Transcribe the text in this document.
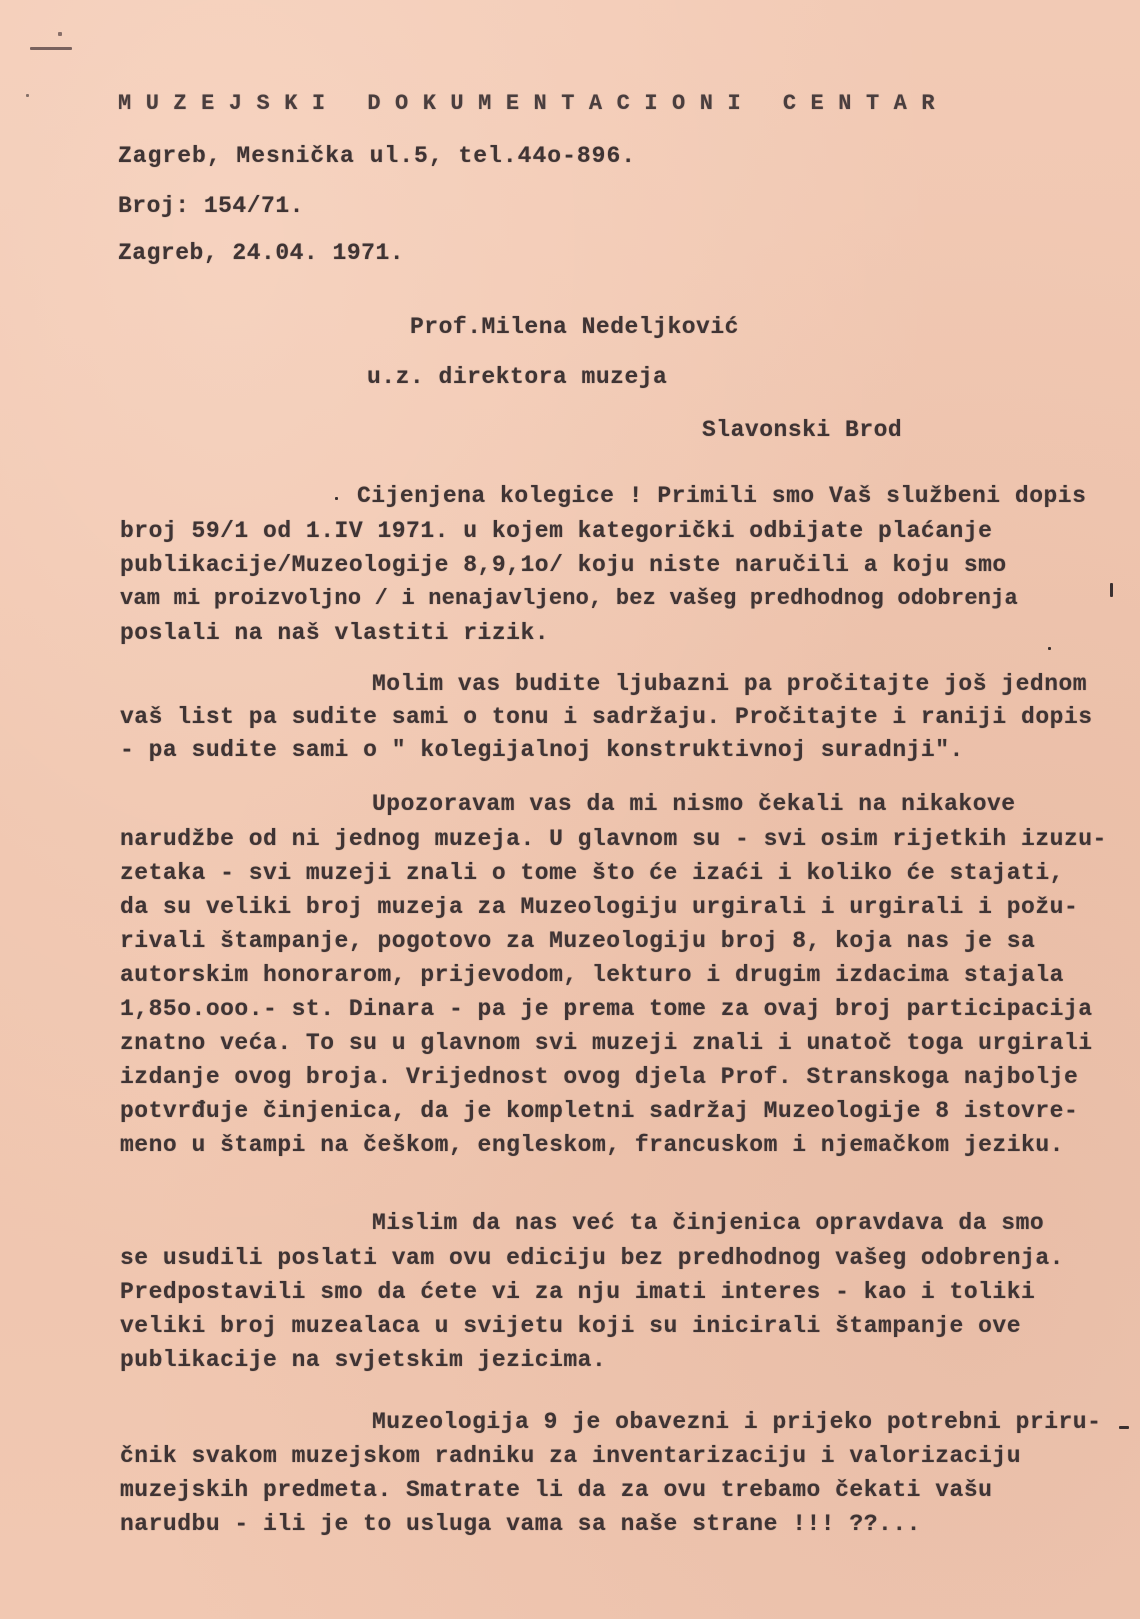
MUZEJSKI DOKUMENTACIONI CENTAR
Zagreb, Mesnička ul.5, tel.44o-896.
Broj: 154/71.
Zagreb, 24.04. 1971.
Prof.Milena Nedeljković
u.z. direktora muzeja
Slavonski Brod
Cijenjena kolegice ! Primili smo Vaš službeni dopis
broj 59/1 od 1.IV 1971. u kojem kategorički odbijate plaćanje
publikacije/Muzeologije 8,9,1o/ koju niste naručili a koju smo
vam mi proizvoljno / i nenajavljeno, bez vašeg predhodnog odobrenja
poslali na naš vlastiti rizik.
Molim vas budite ljubazni pa pročitajte još jednom
vaš list pa sudite sami o tonu i sadržaju. Pročitajte i raniji dopis
- pa sudite sami o " kolegijalnoj konstruktivnoj suradnji".
Upozoravam vas da mi nismo čekali na nikakove
narudžbe od ni jednog muzeja. U glavnom su - svi osim rijetkih izuzu-
zetaka - svi muzeji znali o tome što će izaći i koliko će stajati,
da su veliki broj muzeja za Muzeologiju urgirali i urgirali i požu-
rivali štampanje, pogotovo za Muzeologiju broj 8, koja nas je sa
autorskim honorarom, prijevodom, lekturo i drugim izdacima stajala
1,85o.ooo.- st. Dinara - pa je prema tome za ovaj broj participacija
znatno veća. To su u glavnom svi muzeji znali i unatoč toga urgirali
izdanje ovog broja. Vrijednost ovog djela Prof. Stranskoga najbolje
potvrđuje činjenica, da je kompletni sadržaj Muzeologije 8 istovre-
meno u štampi na češkom, engleskom, francuskom i njemačkom jeziku.
Mislim da nas već ta činjenica opravdava da smo
se usudili poslati vam ovu ediciju bez predhodnog vašeg odobrenja.
Predpostavili smo da ćete vi za nju imati interes - kao i toliki
veliki broj muzealaca u svijetu koji su inicirali štampanje ove
publikacije na svjetskim jezicima.
Muzeologija 9 je obavezni i prijeko potrebni priru-
čnik svakom muzejskom radniku za inventarizaciju i valorizaciju
muzejskih predmeta. Smatrate li da za ovu trebamo čekati vašu
narudbu - ili je to usluga vama sa naše strane !!! ??...
